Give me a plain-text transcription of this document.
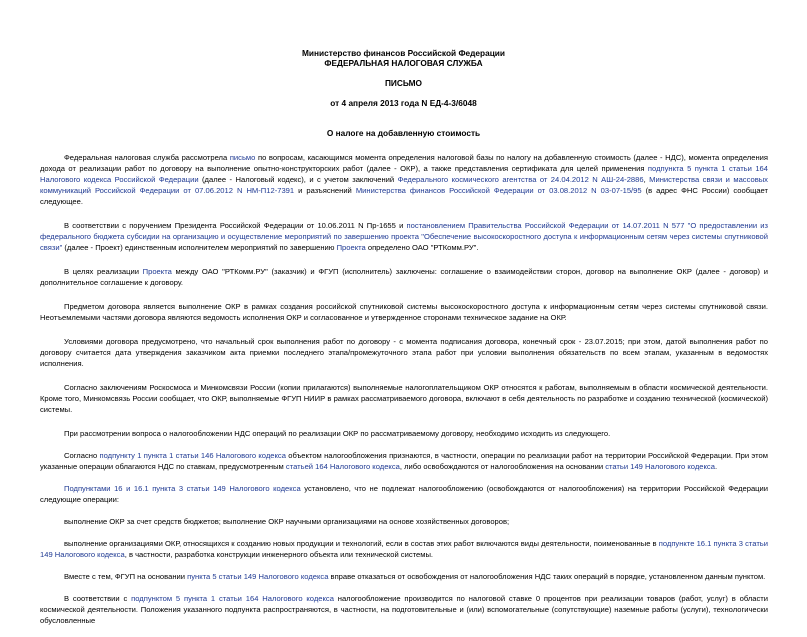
Министерство финансов Российской Федерации
ФЕДЕРАЛЬНАЯ НАЛОГОВАЯ СЛУЖБА
ПИСЬМО
от 4 апреля 2013 года N ЕД-4-3/6048
О налоге на добавленную стоимость

Федеральная налоговая служба рассмотрела письмо по вопросам, касающимся момента определения налоговой базы по налогу на добавленную стоимость (далее - НДС), момента определения дохода от реализации работ по договору на выполнение опытно-конструкторских работ (далее - ОКР), а также представления сертификата для целей применения подпункта 5 пункта 1 статьи 164 Налогового кодекса Российской Федерации (далее - Налоговый кодекс), и с учетом заключений Федерального космического агентства от 24.04.2012 N АШ-24-2886, Министерства связи и массовых коммуникаций Российской Федерации от 07.06.2012 N НМ-П12-7391 и разъяснений Министерства финансов Российской Федерации от 03.08.2012 N 03-07-15/95 (в адрес ФНС России) сообщает следующее.

В соответствии с поручением Президента Российской Федерации от 10.06.2011 N Пр-1655 и постановлением Правительства Российской Федерации от 14.07.2011 N 577 "О предоставлении из федерального бюджета субсидии на организацию и осуществление мероприятий по завершению проекта "Обеспечение высокоскоростного доступа к информационным сетям через системы спутниковой связи" (далее - Проект) единственным исполнителем мероприятий по завершению Проекта определено ОАО "РТКомм.РУ".

В целях реализации Проекта между ОАО "РТКомм.РУ" (заказчик) и ФГУП (исполнитель) заключены: соглашение о взаимодействии сторон, договор на выполнение ОКР (далее - договор) и дополнительное соглашение к договору.

Предметом договора является выполнение ОКР в рамках создания российской спутниковой системы высокоскоростного доступа к информационным сетям через системы спутниковой связи. Неотъемлемыми частями договора являются ведомость исполнения ОКР и согласованное и утвержденное сторонами техническое задание на ОКР.

Условиями договора предусмотрено, что начальный срок выполнения работ по договору - с момента подписания договора, конечный срок - 23.07.2015; при этом, датой выполнения работ по договору считается дата утверждения заказчиком акта приемки последнего этапа/промежуточного этапа работ при условии выполнения обязательств по всем этапам, указанным в ведомостях исполнения.

Согласно заключениям Роскосмоса и Минкомсвязи России (копии прилагаются) выполняемые налогоплательщиком ОКР относятся к работам, выполняемым в области космической деятельности. Кроме того, Минкомсвязь России сообщает, что ОКР, выполняемые ФГУП НИИР в рамках рассматриваемого договора, включают в себя деятельность по разработке и созданию технической (космической) системы.

При рассмотрении вопроса о налогообложении НДС операций по реализации ОКР по рассматриваемому договору, необходимо исходить из следующего.

Согласно подпункту 1 пункта 1 статьи 146 Налогового кодекса объектом налогообложения признаются, в частности, операции по реализации работ на территории Российской Федерации. При этом указанные операции облагаются НДС по ставкам, предусмотренным статьей 164 Налогового кодекса, либо освобождаются от налогообложения на основании статьи 149 Налогового кодекса.

Подпунктами 16 и 16.1 пункта 3 статьи 149 Налогового кодекса установлено, что не подлежат налогообложению (освобождаются от налогообложения) на территории Российской Федерации следующие операции:

выполнение ОКР за счет средств бюджетов; выполнение ОКР научными организациями на основе хозяйственных договоров;

выполнение организациями ОКР, относящихся к созданию новых продукции и технологий, если в состав этих работ включаются виды деятельности, поименованные в подпункте 16.1 пункта 3 статьи 149 Налогового кодекса, в частности, разработка конструкции инженерного объекта или технической системы.

Вместе с тем, ФГУП на основании пункта 5 статьи 149 Налогового кодекса вправе отказаться от освобождения от налогообложения НДС таких операций в порядке, установленном данным пунктом.

В соответствии с подпунктом 5 пункта 1 статьи 164 Налогового кодекса налогообложение производится по налоговой ставке 0 процентов при реализации товаров (работ, услуг) в области космической деятельности. Положения указанного подпункта распространяются, в частности, на подготовительные и (или) вспомогательные (сопутствующие) наземные работы (услуги), технологически обусловленные
